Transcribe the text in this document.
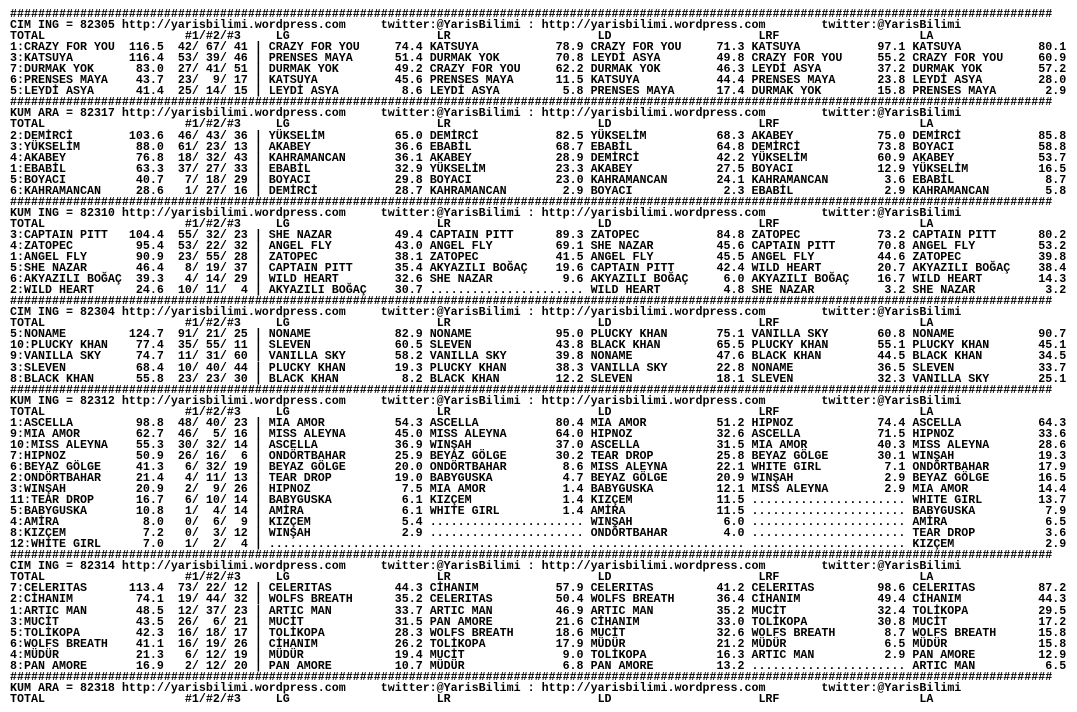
#####################################################################################################################################################
CIM ING = 82305 http://yarisbilimi.wordpress.com	twitter:@YarisBilimi : http://yarisbilimi.wordpress.com	twitter:@YarisBilimi
TOTAL	#1/#2/#3	LG	LR	LD	LRF	LA
1:CRAZY FOR YOU	116.5	42 / 67 / 41 | CRAZY FOR YOU	74.4 KATSUYA	78.9 CRAZY FOR YOU	71.3 KATSUYA	97.1 KATSUYA	80.1
3:KATSUYA	116.4	53 / 39 / 46 | PRENSES MAYA	51.4 DURMAK YOK	70.8 LEYDİ ASYA	49.8 CRAZY FOR YOU	55.2 CRAZY FOR YOU	60.9
7:DURMAK YOK	83.0	27 / 41 / 51 | DURMAK YOK	49.2 CRAZY FOR YOU	62.2 DURMAK YOK	46.3 LEYDİ ASYA	37.2 DURMAK YOK	57.2
6:PRENSES MAYA	43.7	23 /	9 / 17 | KATSUYA	45.6 PRENSES MAYA	11.5 KATSUYA	44.4 PRENSES MAYA	23.8 LEYDİ ASYA	28.0
5:LEYDİ ASYA	41.4	25 / 14 / 15 | LEYDİ ASYA	8.6 LEYDİ ASYA	5.8 PRENSES MAYA	17.4 DURMAK YOK	15.8 PRENSES MAYA	2.9
#####################################################################################################################################################
KUM ARA = 82317 http://yarisbilimi.wordpress.com	twitter:@YarisBilimi : http://yarisbilimi.wordpress.com	twitter:@YarisBilimi
TOTAL	#1/#2/#3	LG	LR	LD	LRF	LA
2:DEMİRCİ	103.6	46 / 43 / 36 | YÜKSELİM	65.0 DEMİRCİ	82.5 YÜKSELİM	68.3 AKABEY	75.0 DEMİRCİ	85.8
3:YÜKSELİM	88.0	61 / 23 / 13 | AKABEY	36.6 EBABİL	68.7 EBABİL	64.8 DEMİRCİ	73.8 BOYACI	58.8
4:AKABEY	76.8	18 / 32 / 43 | KAHRAMANCAN	36.1 AKABEY	28.9 DEMİRCİ	42.2 YÜKSELİM	60.9 AKABEY	53.7
1:EBABİL	63.3	37 / 27 / 33 | EBABİL	32.9 YÜKSELİM	23.3 AKABEY	27.5 BOYACI	12.9 YÜKSELİM	16.5
5:BOYACI	40.7	7 / 18 / 29 | BOYACI	29.8 BOYACI	23.0 KAHRAMANCAN	24.1 KAHRAMANCAN	3.6 EBABİL	8.7
6:KAHRAMANCAN	28.6	1 / 27 / 16 | DEMİRCİ	28.7 KAHRAMANCAN	2.9 BOYACI	2.3 EBABİL	2.9 KAHRAMANCAN	5.8
#####################################################################################################################################################
KUM ING = 82310 http://yarisbilimi.wordpress.com	twitter:@YarisBilimi : http://yarisbilimi.wordpress.com	twitter:@YarisBilimi
TOTAL	#1/#2/#3	LG	LR	LD	LRF	LA
3:CAPTAIN PITT	104.4	55 / 32 / 23 | SHE NAZAR	49.4 CAPTAIN PITT	89.3 ZATOPEC	84.8 ZATOPEC	73.2 CAPTAIN PITT	80.2
4:ZATOPEC	95.4	53 / 22 / 32 | ANGEL FLY	43.0 ANGEL FLY	69.1 SHE NAZAR	45.6 CAPTAIN PITT	70.8 ANGEL FLY	53.2
1:ANGEL FLY	90.9	23 / 55 / 28 | ZATOPEC	38.1 ZATOPEC	41.5 ANGEL FLY	45.5 ANGEL FLY	44.6 ZATOPEC	39.8
5:SHE NAZAR	46.4	8 / 19 / 37 | CAPTAIN PITT	35.4 AKYAZILI BOĞAÇ	19.6 CAPTAIN PITT	42.4 WILD HEART	20.7 AKYAZILI BOĞAÇ	38.4
6:AKYAZILI BOĞAÇ	39.3	4 / 14 / 29 | WILD HEART	32.6 SHE NAZAR	9.6 AKYAZILI BOĞAÇ	6.0 AKYAZILI BOĞAÇ	16.7 WILD HEART	14.3
2:WILD HEART	24.6	10 / 11 /	4 | AKYAZILI BOĞAÇ	30.7 ...................... WILD HEART	4.8 SHE NAZAR	3.2 SHE NAZAR	3.2
#####################################################################################################################################################
CIM ING = 82304 http://yarisbilimi.wordpress.com	twitter:@YarisBilimi : http://yarisbilimi.wordpress.com	twitter:@YarisBilimi
TOTAL	#1/#2/#3	LG	LR	LD	LRF	LA
5:NONAME	124.7	91 / 21 / 25 | NONAME	82.9 NONAME	95.0 PLUCKY KHAN	75.1 VANILLA SKY	60.8 NONAME	90.7
10:PLUCKY KHAN	77.4	35 / 55 / 11 | SLEVEN	60.5 SLEVEN	43.8 BLACK KHAN	65.5 PLUCKY KHAN	55.1 PLUCKY KHAN	45.1
9:VANILLA SKY	74.7	11 / 31 / 60 | VANILLA SKY	58.2 VANILLA SKY	39.8 NONAME	47.6 BLACK KHAN	44.5 BLACK KHAN	34.5
3:SLEVEN	68.4	10 / 40 / 44 | PLUCKY KHAN	19.3 PLUCKY KHAN	38.3 VANILLA SKY	22.8 NONAME	36.5 SLEVEN	33.7
8:BLACK KHAN	55.8	23 / 23 / 30 | BLACK KHAN	8.2 BLACK KHAN	12.2 SLEVEN	18.1 SLEVEN	32.3 VANILLA SKY	25.1
#####################################################################################################################################################
KUM ING = 82312 http://yarisbilimi.wordpress.com	twitter:@YarisBilimi : http://yarisbilimi.wordpress.com	twitter:@YarisBilimi
TOTAL	#1/#2/#3	LG	LR	LD	LRF	LA
1:ASCELLA	98.8	48 / 40 / 23 | MIA AMOR	54.3 ASCELLA	80.4 MIA AMOR	51.2 HIPNOZ	74.4 ASCELLA	64.3
9:MIA AMOR	62.7	46 /	5 / 16 | MISS ALEYNA	45.0 MISS ALEYNA	64.0 HIPNOZ	32.6 ASCELLA	71.5 HIPNOZ	33.6
10:MISS ALEYNA	55.3	30 / 32 / 14 | ASCELLA	36.9 WINŞAH	37.0 ASCELLA	31.5 MIA AMOR	40.3 MISS ALEYNA	28.6
7:HIPNOZ	50.9	26 / 16 /	6 | ONDÖRTBAHAR	25.9 BEYAZ GÖLGE	30.2 TEAR DROP	25.8 BEYAZ GÖLGE	30.1 WINŞAH	19.3
6:BEYAZ GÖLGE	41.3	6 / 32 / 19 | BEYAZ GÖLGE	20.0 ONDÖRTBAHAR	8.6 MISS ALEYNA	22.1 WHITE GIRL	7.1 ONDÖRTBAHAR	17.9
2:ONDÖRTBAHAR	21.4	4 / 11 / 13 | TEAR DROP	19.0 BABYGUSKA	4.7 BEYAZ GÖLGE	20.9 WINŞAH	2.9 BEYAZ GÖLGE	16.5
3:WINŞAH	20.9	2 /	9 / 26 | HIPNOZ	7.5 MIA AMOR	1.4 BABYGUSKA	12.1 MISS ALEYNA	2.9 MIA AMOR	14.4
11:TEAR DROP	16.7	6 / 10 / 14 | BABYGUSKA	6.1 KIZÇEM	1.4 KIZÇEM	11.5 ...................... WHITE GIRL	13.7
5:BABYGUSKA	10.8	1 /	4 / 14 | AMİRA	6.1 WHITE GIRL	1.4 AMİRA	11.5 ...................... BABYGUSKA	7.9
4:AMİRA	8.0	0 /	6 /	9 | KIZÇEM	5.4 ...................... WINŞAH	6.0 ...................... AMİRA	6.5
8:KIZÇEM	7.2	0 /	3 / 12 | WINŞAH	2.9 ...................... ONDÖRTBAHAR	4.0 ...................... TEAR DROP	3.6
12:WHITE GIRL	7.0	1 /	2 /	4 | ...................... ...................... ...................... ...................... KIZÇEM	2.9
#####################################################################################################################################################
CIM ING = 82314 http://yarisbilimi.wordpress.com	twitter:@YarisBilimi : http://yarisbilimi.wordpress.com	twitter:@YarisBilimi
TOTAL	#1/#2/#3	LG	LR	LD	LRF	LA
7:CELERITAS	113.4	73 / 22 / 12 | CELERITAS	44.3 CİHANIM	57.9 CELERITAS	41.2 CELERITAS	98.6 CELERITAS	87.2
2:CİHANIM	74.1	19 / 44 / 32 | WOLFS BREATH	35.2 CELERITAS	50.4 WOLFS BREATH	36.4 CİHANIM	49.4 CİHANIM	44.3
1:ARTIC MAN	48.5	12 / 37 / 23 | ARTIC MAN	33.7 ARTIC MAN	46.9 ARTIC MAN	35.2 MUCİT	32.4 TOLİKOPA	29.5
3:MUCİT	43.5	26 /	6 / 21 | MUCİT	31.5 PAN AMORE	21.6 CİHANIM	33.0 TOLİKOPA	30.8 MUCİT	17.2
5:TOLİKOPA	42.3	16 / 18 / 17 | TOLİKOPA	28.3 WOLFS BREATH	18.6 MUCİT	32.6 WOLFS BREATH	8.7 WOLFS BREATH	15.8
6:WOLFS BREATH	41.1	16 / 19 / 26 | CİHANIM	26.2 TOLİKOPA	17.9 MÜDÜR	21.2 MÜDÜR	6.5 MÜDÜR	15.8
4:MÜDÜR	21.3	6 / 12 / 19 | MÜDÜR	19.4 MUCİT	9.0 TOLİKOPA	16.3 ARTIC MAN	2.9 PAN AMORE	12.9
8:PAN AMORE	16.9	2 / 12 / 20 | PAN AMORE	10.7 MÜDÜR	6.8 PAN AMORE	13.2 ...................... ARTIC MAN	6.5
#####################################################################################################################################################
KUM ARA = 82318 http://yarisbilimi.wordpress.com	twitter:@YarisBilimi : http://yarisbilimi.wordpress.com	twitter:@YarisBilimi
TOTAL	#1/#2/#3	LG	LR	LD	LRF	LA
